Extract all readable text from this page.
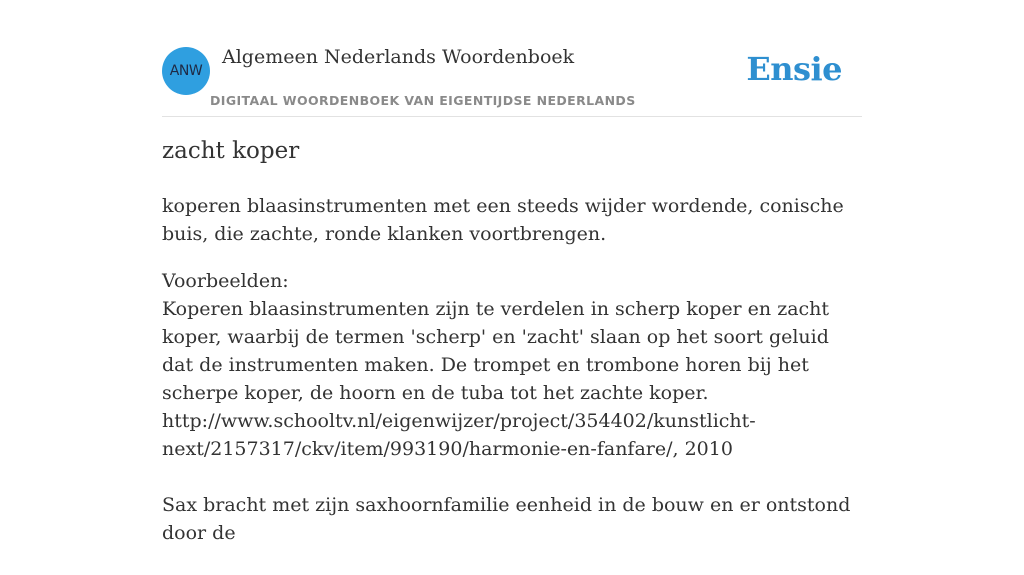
ANW
Algemeen Nederlands Woordenboek
DIGITAAL WOORDENBOEK VAN EIGENTIJDSE NEDERLANDS
Ensie
zacht koper

koperen blaasinstrumenten met een steeds wijder wordende, conische buis, die zachte, ronde klanken voortbrengen.

Voorbeelden:

Koperen blaasinstrumenten zijn te verdelen in scherp koper en zacht koper, waarbij de termen 'scherp' en 'zacht' slaan op het soort geluid dat de instrumenten maken. De trompet en trombone horen bij het scherpe koper, de hoorn en de tuba tot het zachte koper.
http://www.schooltv.nl/eigenwijzer/project/354402/kunstlicht-next/2157317/ckv/item/993190/harmonie-en-fanfare/, 2010

Sax bracht met zijn saxhoornfamilie eenheid in de bouw en er ontstond door de
